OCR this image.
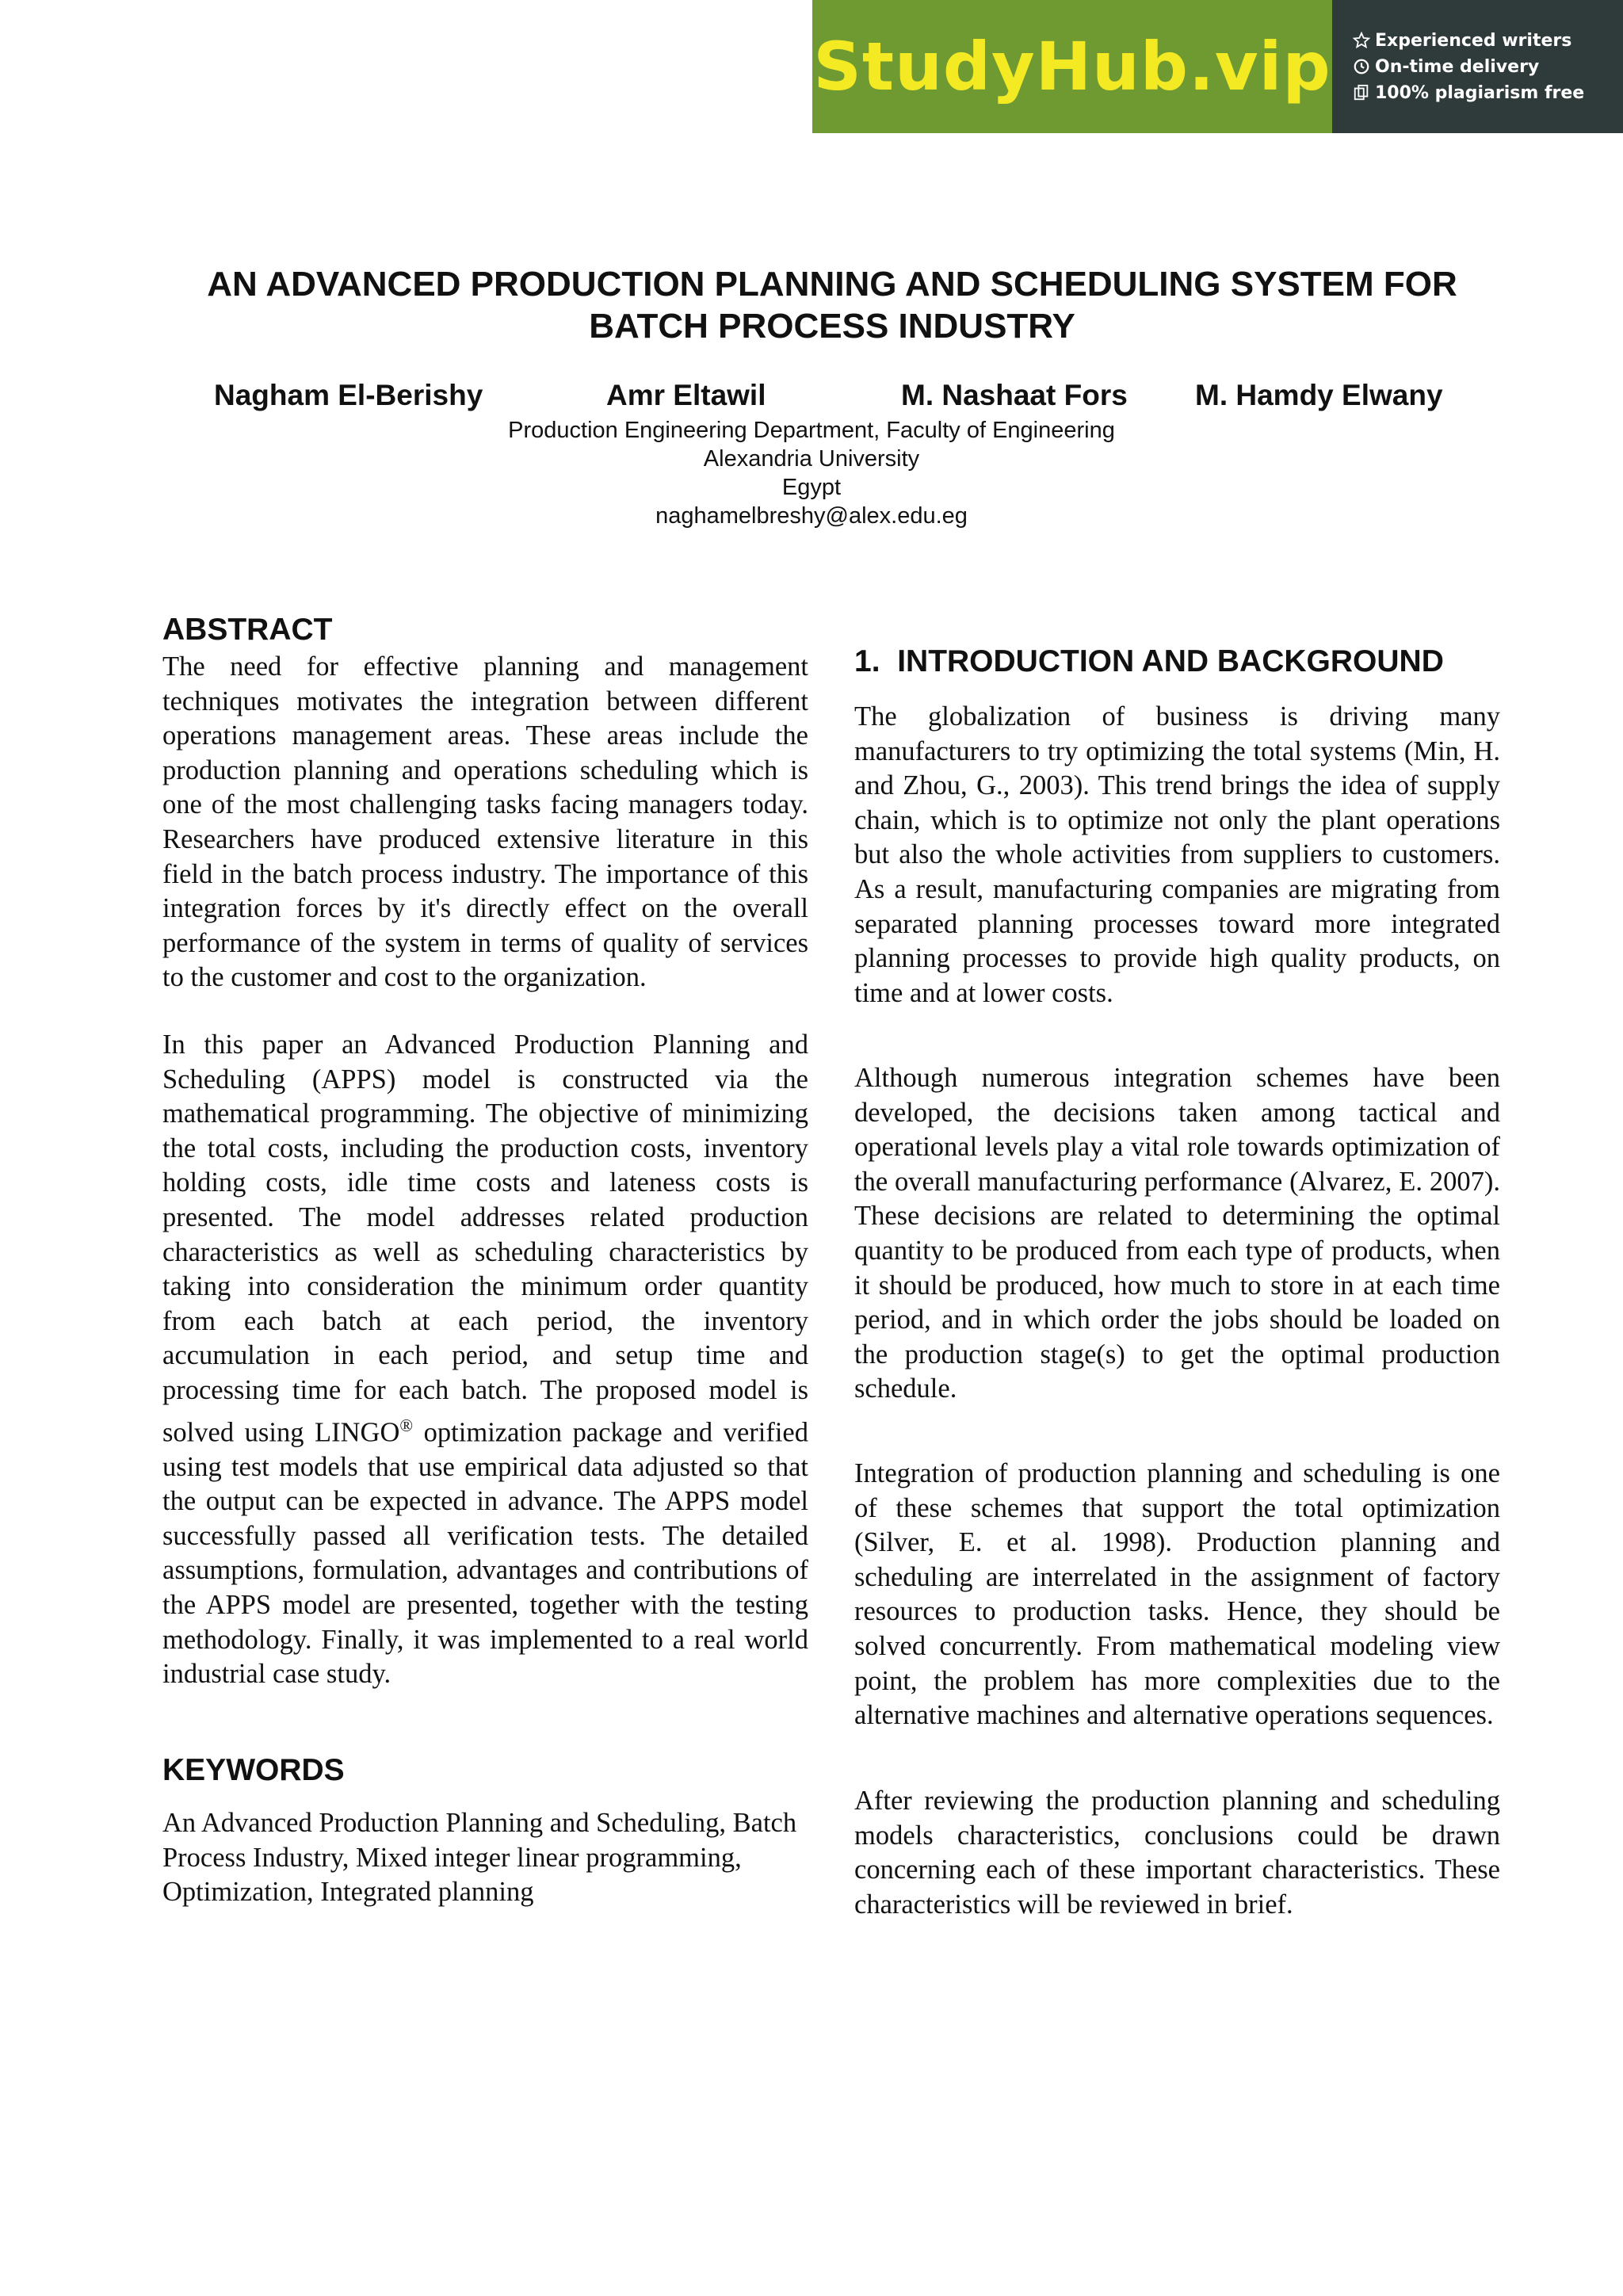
StudyHub.vip	Experienced writers
On-time delivery
100% plagiarism free
AN ADVANCED PRODUCTION PLANNING AND SCHEDULING SYSTEM FOR
BATCH PROCESS INDUSTRY
Nagham El-Berishy	Amr Eltawil	M. Nashaat Fors M. Hamdy Elwany
Production Engineering Department, Faculty of Engineering
Alexandria University
Egypt
naghamelbreshy@alex.edu.eg
ABSTRACT

The need for effective planning and management techniques motivates the integration between different operations management areas. These areas include the production planning and operations scheduling which is one of the most challenging tasks facing managers today. Researchers have produced extensive literature in this field in the batch process industry. The importance of this integration forces by it's directly effect on the overall performance of the system in terms of quality of services to the customer and cost to the organization.

In this paper an Advanced Production Planning and Scheduling (APPS) model is constructed via the mathematical programming. The objective of minimizing the total costs, including the production costs, inventory holding costs, idle time costs and lateness costs is presented. The model addresses related production characteristics as well as scheduling characteristics by taking into consideration the minimum order quantity from each batch at each period, the inventory accumulation in each period, and setup time and processing time for each batch. The proposed model is solved using LINGO® optimization package and verified using test models that use empirical data adjusted so that the output can be expected in advance. The APPS model successfully passed all verification tests. The detailed assumptions, formulation, advantages and contributions of the APPS model are presented, together with the testing methodology. Finally, it was implemented to a real world industrial case study.

KEYWORDS

An Advanced Production Planning and Scheduling, Batch Process Industry, Mixed integer linear programming, Optimization, Integrated planning

1.  INTRODUCTION AND BACKGROUND

The globalization of business is driving many manufacturers to try optimizing the total systems (Min, H. and Zhou, G., 2003). This trend brings the idea of supply chain, which is to optimize not only the plant operations but also the whole activities from suppliers to customers. As a result, manufacturing companies are migrating from separated planning processes toward more integrated planning processes to provide high quality products, on time and at lower costs.

Although numerous integration schemes have been developed, the decisions taken among tactical and operational levels play a vital role towards optimization of the overall manufacturing performance (Alvarez, E. 2007). These decisions are related to determining the optimal quantity to be produced from each type of products, when it should be produced, how much to store in at each time period, and in which order the jobs should be loaded on the production stage(s) to get the optimal production schedule.

Integration of production planning and scheduling is one of these schemes that support the total optimization (Silver, E. et al. 1998). Production planning and scheduling are interrelated in the assignment of factory resources to production tasks. Hence, they should be solved concurrently. From mathematical modeling view point, the problem has more complexities due to the alternative machines and alternative operations sequences.

After reviewing the production planning and scheduling models characteristics, conclusions could be drawn concerning each of these important characteristics. These characteristics will be reviewed in brief.
